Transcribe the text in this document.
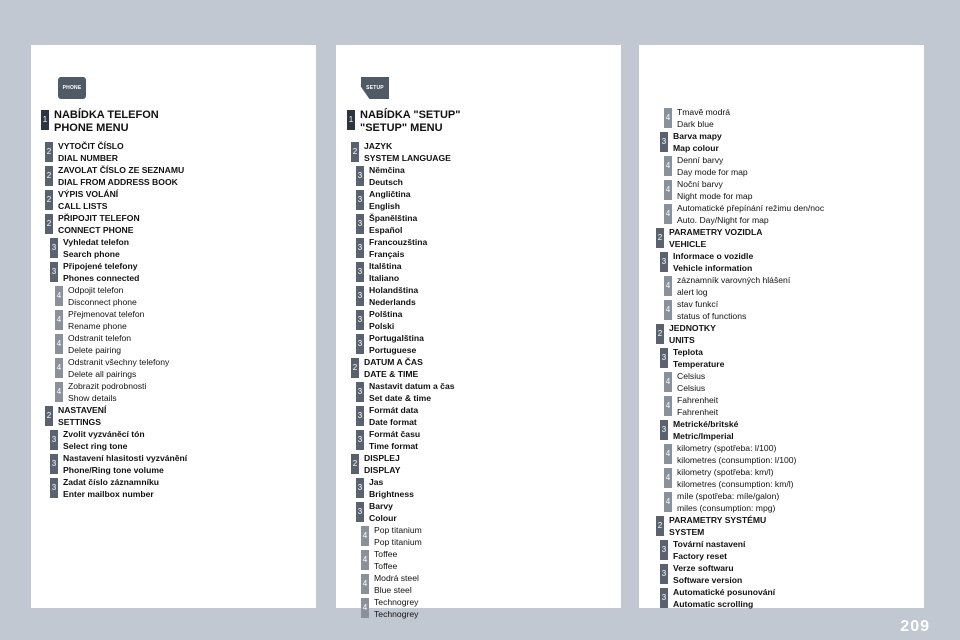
PHONE
1 NABÍDKA TELEFON
PHONE MENU
2
VYTOČIT ČÍSLO
DIAL NUMBER
2
ZAVOLAT ČÍSLO ZE SEZNAMU
DIAL FROM ADDRESS BOOK
2
VÝPIS VOLÁNÍ
CALL LISTS
2
PŘIPOJIT TELEFON
CONNECT PHONE
3
Vyhledat telefon
Search phone
3
Připojené telefony
Phones connected
4
Odpojit telefon
Disconnect phone
4
Přejmenovat telefon
Rename phone
4
Odstranit telefon
Delete pairing
4
Odstranit všechny telefony
Delete all pairings
4
Zobrazit podrobnosti
Show details
2
NASTAVENÍ
SETTINGS
3
Zvolit vyzváněcí tón
Select ring tone
3
Nastavení hlasitosti vyzvánění
Phone/Ring tone volume
3
Zadat číslo záznamníku
Enter mailbox number
SETUP
1 NABÍDKA "SETUP"
"SETUP" MENU
2
JAZYK
SYSTEM LANGUAGE
3
Němčina
Deutsch
3
Angličtina
English
3
Španělština
Español
3
Francouzština
Français
3
Italština
Italiano
3
Holandština
Nederlands
3
Polština
Polski
3
Portugalština
Portuguese
2
DATUM A ČAS
DATE & TIME
3
Nastavit datum a čas
Set date & time
3
Formát data
Date format
3
Formát času
Time format
2
DISPLEJ
DISPLAY
3
Jas
Brightness
3
Barvy
Colour
4
Pop titanium
Pop titanium
4
Toffee
Toffee
4
Modrá steel
Blue steel
4
Technogrey
Technogrey
4
Tmavě modrá
Dark blue
3
Barva mapy
Map colour
4
Denní barvy
Day mode for map
4
Noční barvy
Night mode for map
4
Automatické přepínání režimu den/noc
Auto. Day/Night for map
2
PARAMETRY VOZIDLA
VEHICLE
3
Informace o vozidle
Vehicle information
4
záznamník varovných hlášení
alert log
4
stav funkcí
status of functions
2
JEDNOTKY
UNITS
3
Teplota
Temperature
4
Celsius
Celsius
4
Fahrenheit
Fahrenheit
3
Metrické/britské
Metric/Imperial
4
kilometry (spotřeba: l/100)
kilometres (consumption: l/100)
4
kilometry (spotřeba: km/l)
kilometres (consumption: km/l)
4
míle (spotřeba: míle/galon)
miles (consumption: mpg)
2
PARAMETRY SYSTÉMU
SYSTEM
3
Tovární nastavení
Factory reset
3
Verze softwaru
Software version
3
Automatické posunování
Automatic scrolling
209
